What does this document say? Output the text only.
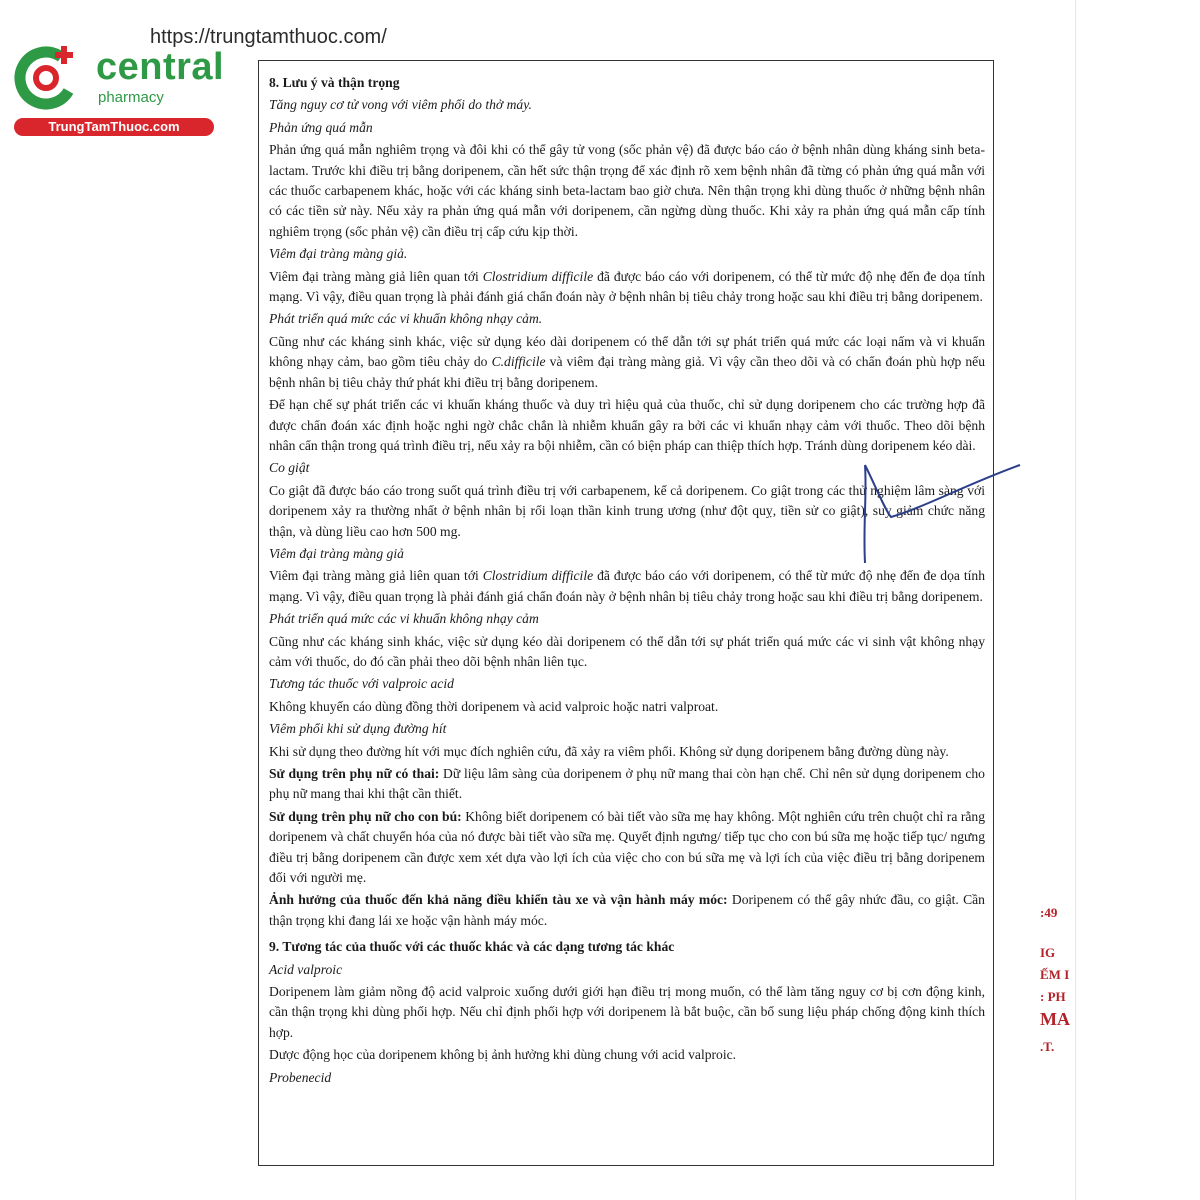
https://trungtamthuoc.com/
central
pharmacy
TrungTamThuoc.com

8. Lưu ý và thận trọng

Tăng nguy cơ tử vong với viêm phổi do thở máy.

Phản ứng quá mẫn

Phản ứng quá mẫn nghiêm trọng và đôi khi có thể gây tử vong (sốc phản vệ) đã được báo cáo ở bệnh nhân dùng kháng sinh beta-lactam. Trước khi điều trị bằng doripenem, cần hết sức thận trọng để xác định rõ xem bệnh nhân đã từng có phản ứng quá mẫn với các thuốc carbapenem khác, hoặc với các kháng sinh beta-lactam bao giờ chưa. Nên thận trọng khi dùng thuốc ở những bệnh nhân có các tiền sử này. Nếu xảy ra phản ứng quá mẫn với doripenem, cần ngừng dùng thuốc. Khi xảy ra phản ứng quá mẫn cấp tính nghiêm trọng (sốc phản vệ) cần điều trị cấp cứu kịp thời.

Viêm đại tràng màng giả.

Viêm đại tràng màng giả liên quan tới Clostridium difficile đã được báo cáo với doripenem, có thể từ mức độ nhẹ đến đe dọa tính mạng. Vì vậy, điều quan trọng là phải đánh giá chẩn đoán này ở bệnh nhân bị tiêu chảy trong hoặc sau khi điều trị bằng doripenem.

Phát triển quá mức các vi khuẩn không nhạy cảm.

Cũng như các kháng sinh khác, việc sử dụng kéo dài doripenem có thể dẫn tới sự phát triển quá mức các loại nấm và vi khuẩn không nhạy cảm, bao gồm tiêu chảy do C.difficile và viêm đại tràng màng giả. Vì vậy cần theo dõi và có chẩn đoán phù hợp nếu bệnh nhân bị tiêu chảy thứ phát khi điều trị bằng doripenem.

Để hạn chế sự phát triển các vi khuẩn kháng thuốc và duy trì hiệu quả của thuốc, chỉ sử dụng doripenem cho các trường hợp đã được chẩn đoán xác định hoặc nghi ngờ chắc chắn là nhiễm khuẩn gây ra bởi các vi khuẩn nhạy cảm với thuốc. Theo dõi bệnh nhân cẩn thận trong quá trình điều trị, nếu xảy ra bội nhiễm, cần có biện pháp can thiệp thích hợp. Tránh dùng doripenem kéo dài.

Co giật

Co giật đã được báo cáo trong suốt quá trình điều trị với carbapenem, kể cả doripenem. Co giật trong các thử nghiệm lâm sàng với doripenem xảy ra thường nhất ở bệnh nhân bị rối loạn thần kinh trung ương (như đột quỵ, tiền sử co giật), suy giảm chức năng thận, và dùng liều cao hơn 500 mg.

Viêm đại tràng màng giả

Viêm đại tràng màng giả liên quan tới Clostridium difficile đã được báo cáo với doripenem, có thể từ mức độ nhẹ đến đe dọa tính mạng. Vì vậy, điều quan trọng là phải đánh giá chẩn đoán này ở bệnh nhân bị tiêu chảy trong hoặc sau khi điều trị bằng doripenem.

Phát triển quá mức các vi khuẩn không nhạy cảm

Cũng như các kháng sinh khác, việc sử dụng kéo dài doripenem có thể dẫn tới sự phát triển quá mức các vi sinh vật không nhạy cảm với thuốc, do đó cần phải theo dõi bệnh nhân liên tục.

Tương tác thuốc với valproic acid

Không khuyến cáo dùng đồng thời doripenem và acid valproic hoặc natri valproat.

Viêm phổi khi sử dụng đường hít

Khi sử dụng theo đường hít với mục đích nghiên cứu, đã xảy ra viêm phổi. Không sử dụng doripenem bằng đường dùng này.

Sử dụng trên phụ nữ có thai: Dữ liệu lâm sàng của doripenem ở phụ nữ mang thai còn hạn chế. Chỉ nên sử dụng doripenem cho phụ nữ mang thai khi thật cần thiết.

Sử dụng trên phụ nữ cho con bú: Không biết doripenem có bài tiết vào sữa mẹ hay không. Một nghiên cứu trên chuột chỉ ra rằng doripenem và chất chuyển hóa của nó được bài tiết vào sữa mẹ. Quyết định ngưng/ tiếp tục cho con bú sữa mẹ hoặc tiếp tục/ ngưng điều trị bằng doripenem cần được xem xét dựa vào lợi ích của việc cho con bú sữa mẹ và lợi ích của việc điều trị bằng doripenem đối với người mẹ.

Ảnh hưởng của thuốc đến khả năng điều khiển tàu xe và vận hành máy móc: Doripenem có thể gây nhức đầu, co giật. Cần thận trọng khi đang lái xe hoặc vận hành máy móc.

9. Tương tác của thuốc với các thuốc khác và các dạng tương tác khác

Acid valproic

Doripenem làm giảm nồng độ acid valproic xuống dưới giới hạn điều trị mong muốn, có thể làm tăng nguy cơ bị cơn động kinh, cần thận trọng khi dùng phối hợp. Nếu chỉ định phối hợp với doripenem là bắt buộc, cần bổ sung liệu pháp chống động kinh thích hợp.

Dược động học của doripenem không bị ảnh hưởng khi dùng chung với acid valproic.

Probenecid

:49
IG
ẾM I
: PH
MA
.T.
